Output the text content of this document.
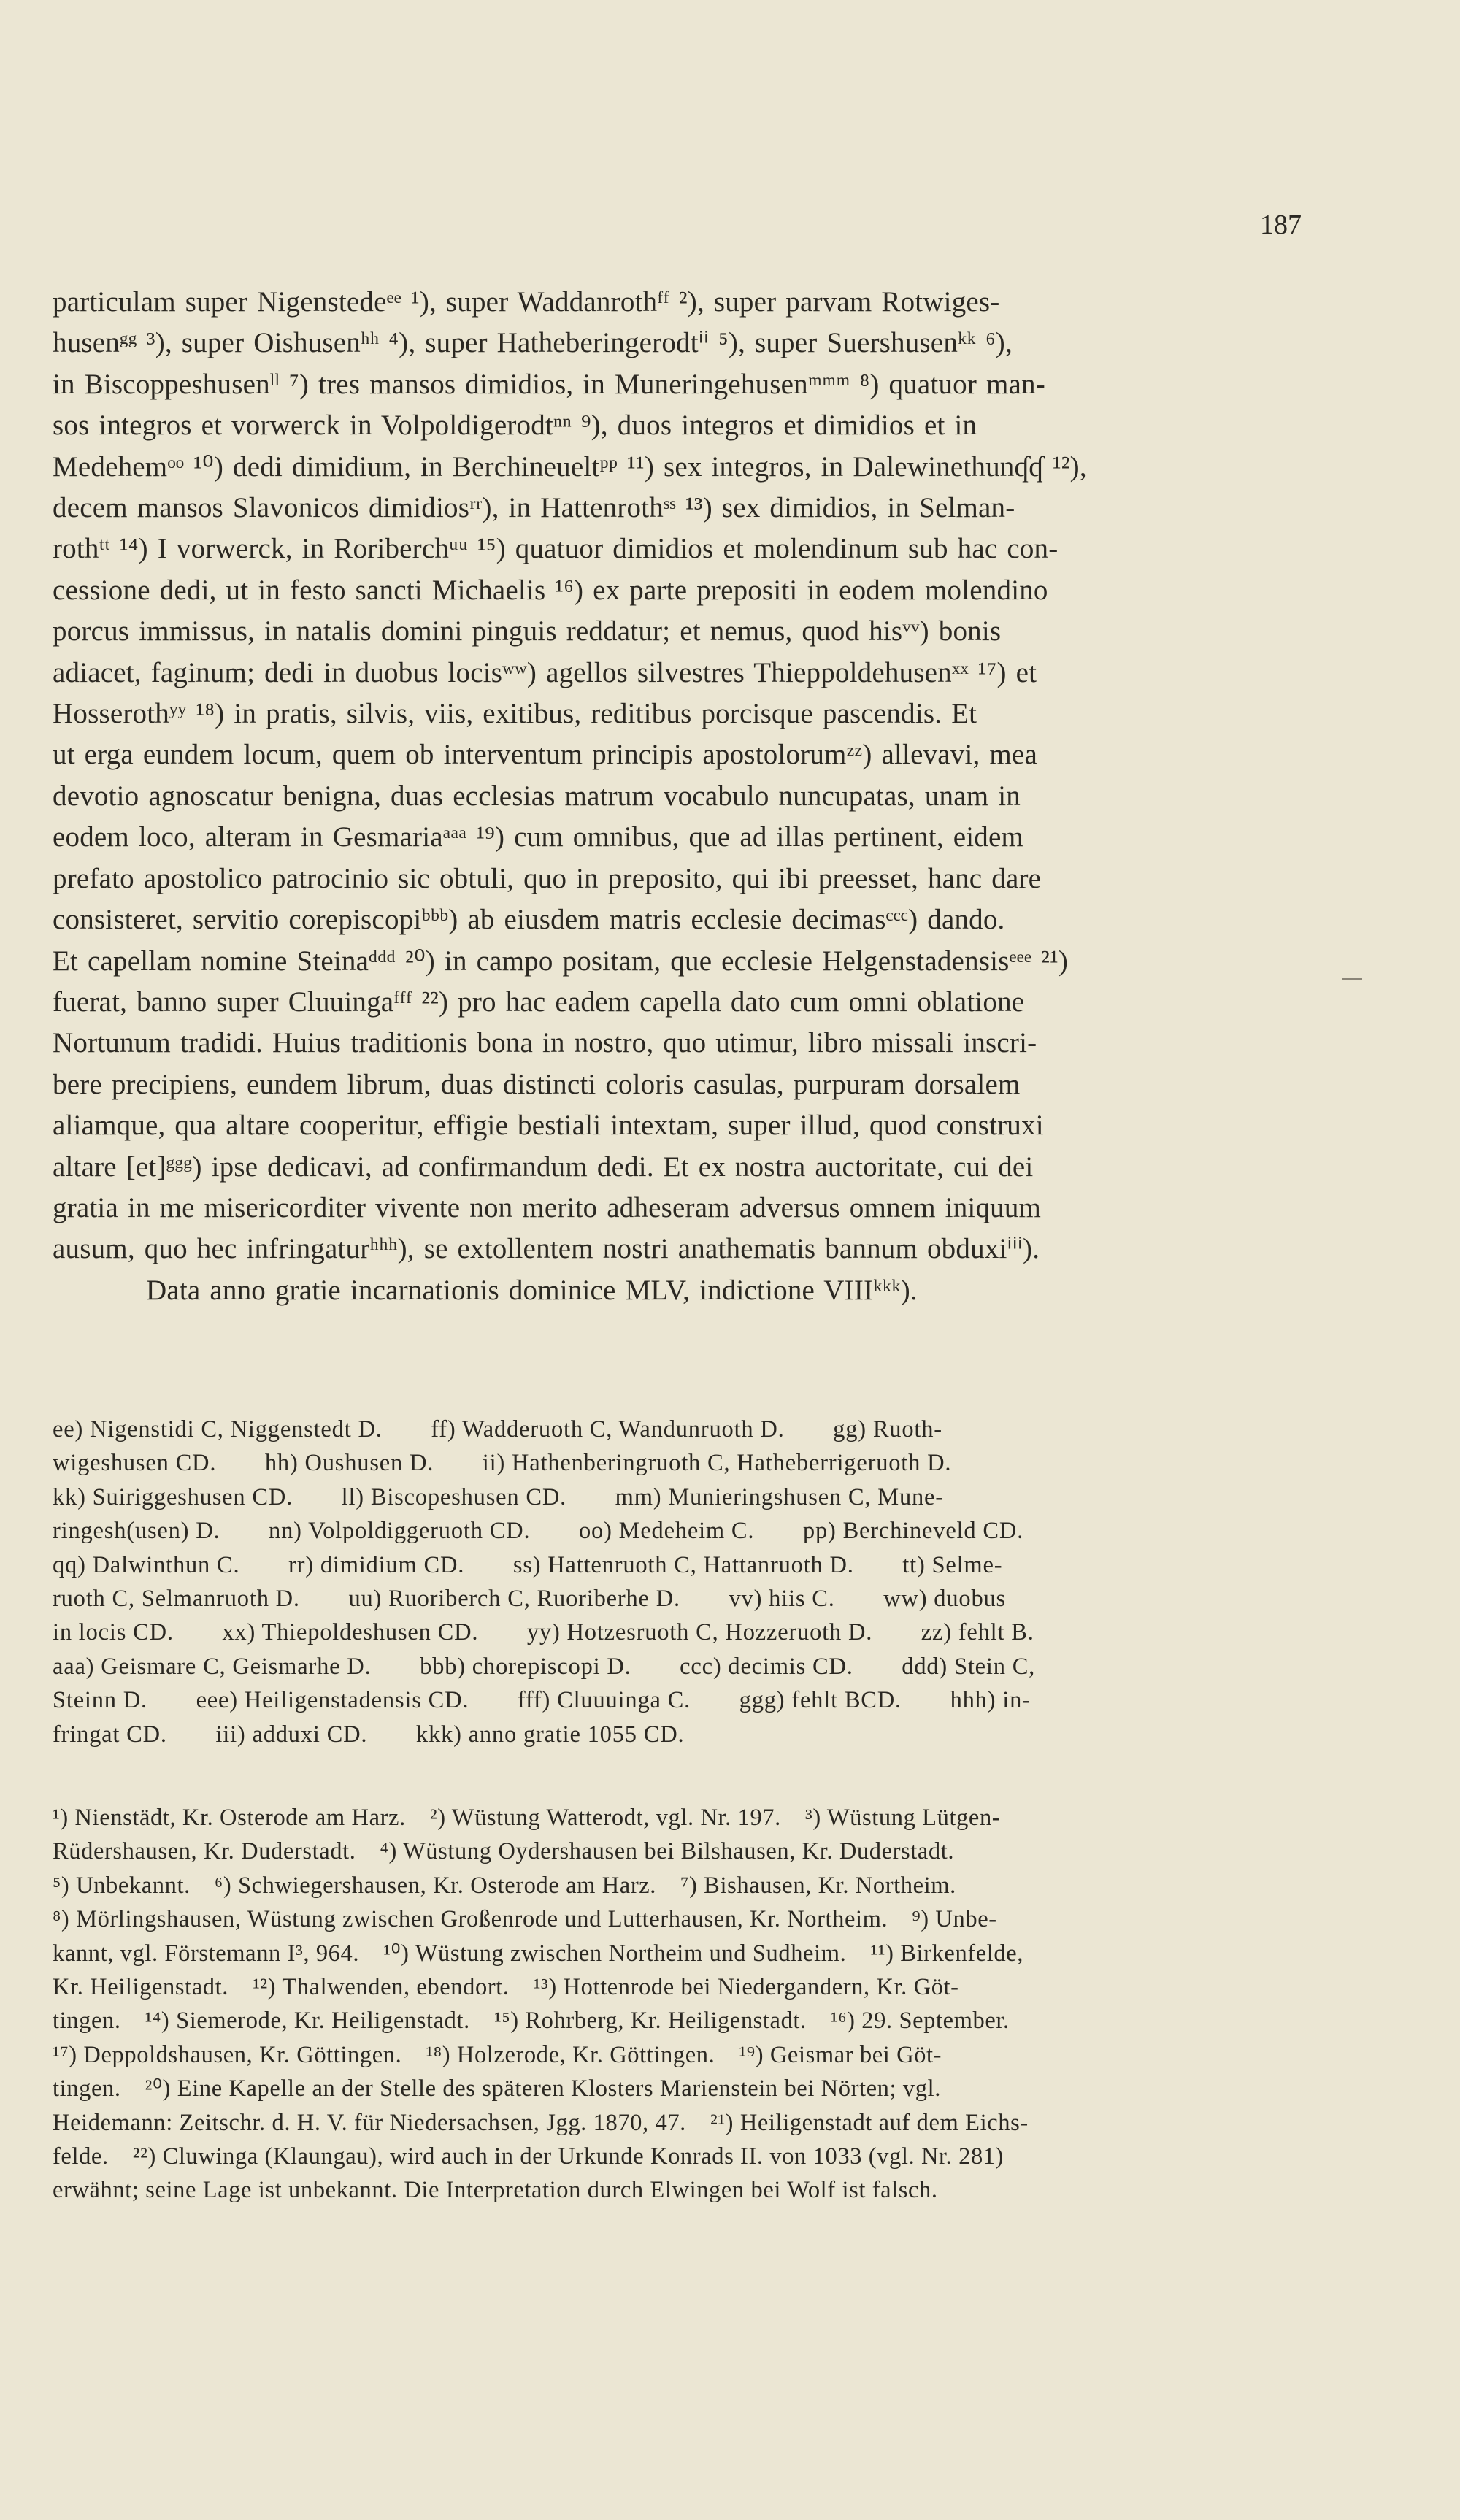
187

particulam super Nigenstedeᵉᵉ ¹), super Waddanrothᶠᶠ ²), super parvam Rotwiges-
husenᵍᵍ ³), super Oishusenʰʰ ⁴), super Hatheberingerodtⁱⁱ ⁵), super Suershusenᵏᵏ ⁶),
in Biscoppeshusenˡˡ ⁷) tres mansos dimidios, in Muneringehusenᵐᵐᵐ ⁸) quatuor man-
sos integros et vorwerck in Volpoldigerodtⁿⁿ ⁹), duos integros et dimidios et in
Medehemᵒᵒ ¹⁰) dedi dimidium, in Berchineueltᵖᵖ ¹¹) sex integros, in Dalewinethunʠʠ ¹²),
decem mansos Slavonicos dimidiosʳʳ), in Hattenrothˢˢ ¹³) sex dimidios, in Selman-
rothᵗᵗ ¹⁴) I vorwerck, in Roriberchᵘᵘ ¹⁵) quatuor dimidios et molendinum sub hac con-
cessione dedi, ut in festo sancti Michaelis ¹⁶) ex parte prepositi in eodem molendino
porcus immissus, in natalis domini pinguis reddatur; et nemus, quod hisᵛᵛ) bonis
adiacet, faginum; dedi in duobus locisʷʷ) agellos silvestres Thieppoldehusenˣˣ ¹⁷) et
Hosserothʸʸ ¹⁸) in pratis, silvis, viis, exitibus, reditibus porcisque pascendis. Et
ut erga eundem locum, quem ob interventum principis apostolorumᶻᶻ) allevavi, mea
devotio agnoscatur benigna, duas ecclesias matrum vocabulo nuncupatas, unam in
eodem loco, alteram in Gesmariaᵃᵃᵃ ¹⁹) cum omnibus, que ad illas pertinent, eidem
prefato apostolico patrocinio sic obtuli, quo in preposito, qui ibi preesset, hanc dare
consisteret, servitio corepiscopiᵇᵇᵇ) ab eiusdem matris ecclesie decimasᶜᶜᶜ) dando.
Et capellam nomine Steinaᵈᵈᵈ ²⁰) in campo positam, que ecclesie Helgenstadensisᵉᵉᵉ ²¹)
fuerat, banno super Cluuingaᶠᶠᶠ ²²) pro hac eadem capella dato cum omni oblatione
Nortunum tradidi. Huius traditionis bona in nostro, quo utimur, libro missali inscri-
bere precipiens, eundem librum, duas distincti coloris casulas, purpuram dorsalem
aliamque, qua altare cooperitur, effigie bestiali intextam, super illud, quod construxi
altare [et]ᵍᵍᵍ) ipse dedicavi, ad confirmandum dedi. Et ex nostra auctoritate, cui dei
gratia in me misericorditer vivente non merito adheseram adversus omnem iniquum
ausum, quo hec infringaturʰʰʰ), se extollentem nostri anathematis bannum obduxiⁱⁱⁱ).
Data anno gratie incarnationis dominice MLV, indictione VIIIᵏᵏᵏ).

ee) Nigenstidi C, Niggenstedt D.  ff) Wadderuoth C, Wandunruoth D.  gg) Ruoth-
wigeshusen CD.  hh) Oushusen D.  ii) Hathenberingruoth C, Hatheberrigeruoth D.
kk) Suiriggeshusen CD.  ll) Biscopeshusen CD.  mm) Munieringshusen C, Mune-
ringesh(usen) D.  nn) Volpoldiggeruoth CD.  oo) Medeheim C.  pp) Berchineveld CD.
qq) Dalwinthun C.  rr) dimidium CD.  ss) Hattenruoth C, Hattanruoth D.  tt) Selme-
ruoth C, Selmanruoth D.  uu) Ruoriberch C, Ruoriberhe D.  vv) hiis C.  ww) duobus
in locis CD.  xx) Thiepoldeshusen CD.  yy) Hotzesruoth C, Hozzeruoth D.  zz) fehlt B.
aaa) Geismare C, Geismarhe D.  bbb) chorepiscopi D.  ccc) decimis CD.  ddd) Stein C,
Steinn D.  eee) Heiligenstadensis CD.  fff) Cluuuinga C.  ggg) fehlt BCD.  hhh) in-
fringat CD.  iii) adduxi CD.  kkk) anno gratie 1055 CD.
¹) Nienstädt, Kr. Osterode am Harz. ²) Wüstung Watterodt, vgl. Nr. 197. ³) Wüstung Lütgen-
Rüdershausen, Kr. Duderstadt. ⁴) Wüstung Oydershausen bei Bilshausen, Kr. Duderstadt.
⁵) Unbekannt. ⁶) Schwiegershausen, Kr. Osterode am Harz. ⁷) Bishausen, Kr. Northeim.
⁸) Mörlingshausen, Wüstung zwischen Großenrode und Lutterhausen, Kr. Northeim. ⁹) Unbe-
kannt, vgl. Förstemann I³, 964. ¹⁰) Wüstung zwischen Northeim und Sudheim. ¹¹) Birkenfelde,
Kr. Heiligenstadt. ¹²) Thalwenden, ebendort. ¹³) Hottenrode bei Niedergandern, Kr. Göt-
tingen. ¹⁴) Siemerode, Kr. Heiligenstadt. ¹⁵) Rohrberg, Kr. Heiligenstadt. ¹⁶) 29. September.
¹⁷) Deppoldshausen, Kr. Göttingen. ¹⁸) Holzerode, Kr. Göttingen. ¹⁹) Geismar bei Göt-
tingen. ²⁰) Eine Kapelle an der Stelle des späteren Klosters Marienstein bei Nörten; vgl.
Heidemann: Zeitschr. d. H. V. für Niedersachsen, Jgg. 1870, 47. ²¹) Heiligenstadt auf dem Eichs-
felde. ²²) Cluwinga (Klaungau), wird auch in der Urkunde Konrads II. von 1033 (vgl. Nr. 281)
erwähnt; seine Lage ist unbekannt. Die Interpretation durch Elwingen bei Wolf ist falsch.
